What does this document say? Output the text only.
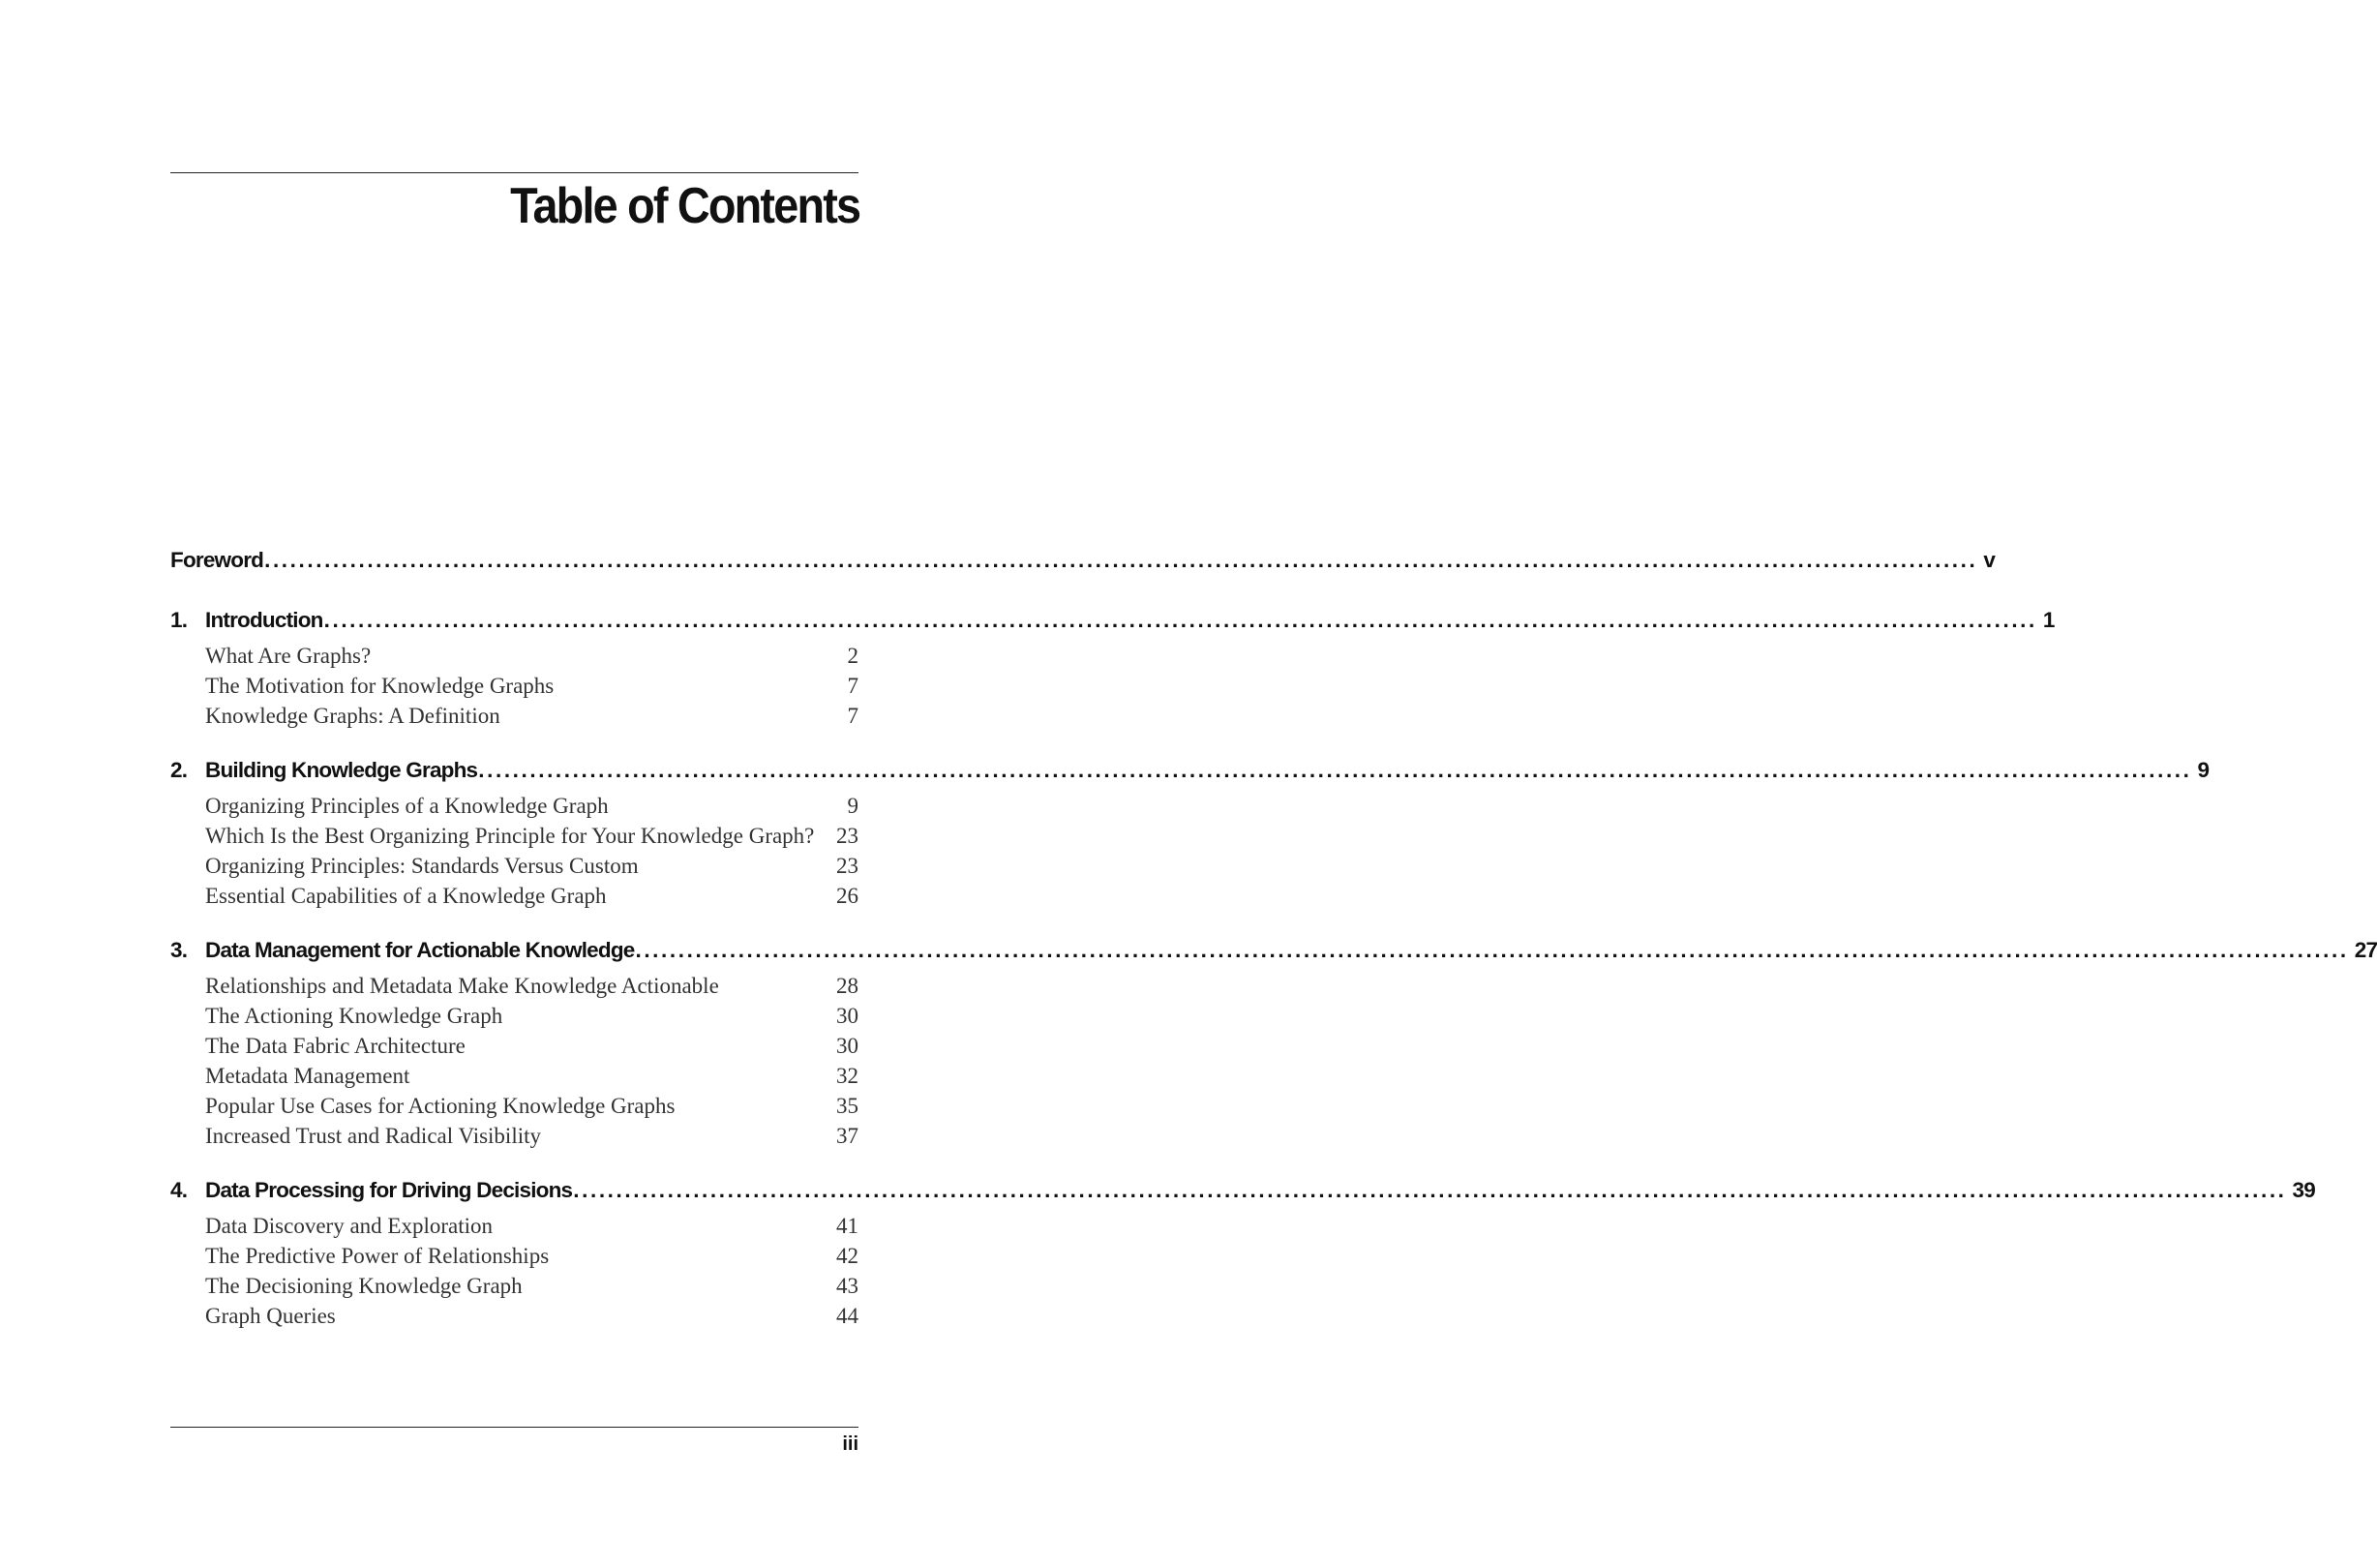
Table of Contents
Foreword ........................................................................................................................................................................................................ v
1. Introduction ........................................................................................................................................................................................................ 1
What Are Graphs?	2
The Motivation for Knowledge Graphs	7
Knowledge Graphs: A Definition	7
2. Building Knowledge Graphs ........................................................................................................................................................................................................ 9
Organizing Principles of a Knowledge Graph	9
Which Is the Best Organizing Principle for Your Knowledge Graph? 23
Organizing Principles: Standards Versus Custom	23
Essential Capabilities of a Knowledge Graph	26
3. Data Management for Actionable Knowledge ........................................................................................................................................................................................................ 27
Relationships and Metadata Make Knowledge Actionable	28
The Actioning Knowledge Graph	30
The Data Fabric Architecture	30
Metadata Management	32
Popular Use Cases for Actioning Knowledge Graphs	35
Increased Trust and Radical Visibility	37
4. Data Processing for Driving Decisions ........................................................................................................................................................................................................ 39
Data Discovery and Exploration	41
The Predictive Power of Relationships	42
The Decisioning Knowledge Graph	43
Graph Queries	44
iii
